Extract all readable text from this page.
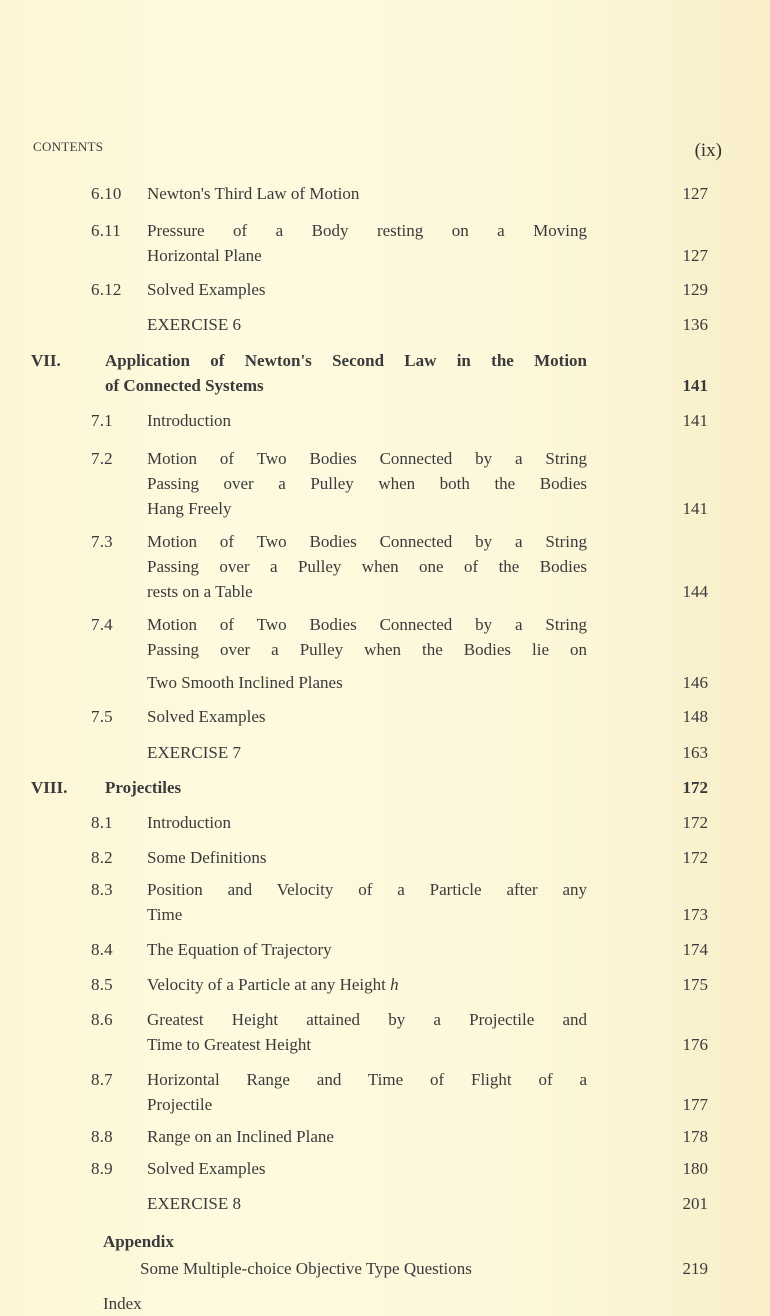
CONTENTS	(ix)
6.10	Newton's Third Law of Motion	127
6.11	Pressure of a Body resting on a Moving
Horizontal Plane	127
6.12	Solved Examples	129
EXERCISE 6	136
VII.	Application of Newton's Second Law in the Motion
of Connected Systems	141
7.1	Introduction	141
7.2	Motion of Two Bodies Connected by a String
Passing over a Pulley when both the Bodies
Hang Freely	141
7.3	Motion of Two Bodies Connected by a String
Passing over a Pulley when one of the Bodies
rests on a Table	144
7.4	Motion of Two Bodies Connected by a String
Passing over a Pulley when the Bodies lie on
Two Smooth Inclined Planes	146
7.5	Solved Examples	148
EXERCISE 7	163
VIII. Projectiles	172
8.1	Introduction	172
8.2	Some Definitions	172
8.3	Position and Velocity of a Particle after any
Time	173
8.4	The Equation of Trajectory	174
8.5	Velocity of a Particle at any Height h	175
8.6	Greatest Height attained by a Projectile and
Time to Greatest Height	176
8.7	Horizontal Range and Time of Flight of a
Projectile	177
8.8	Range on an Inclined Plane	178
8.9	Solved Examples	180
EXERCISE 8	201
Appendix
Some Multiple-choice Objective Type Questions	219
Index
